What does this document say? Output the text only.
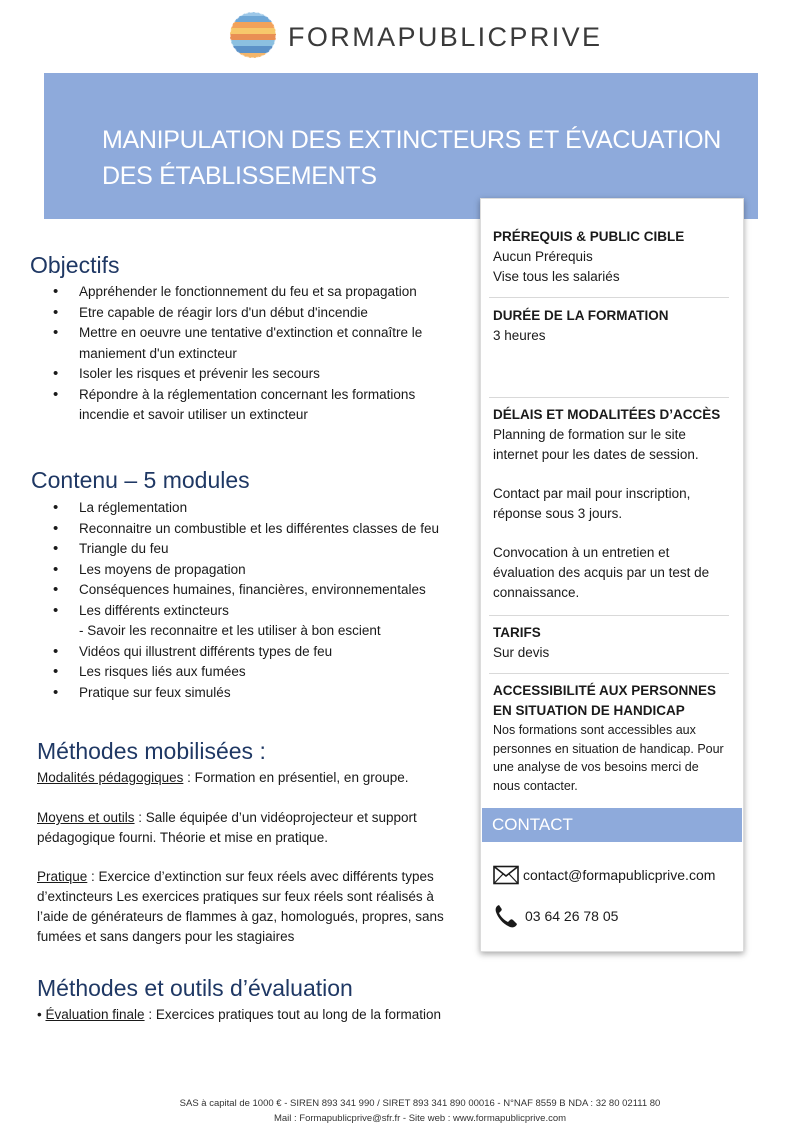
FORMAPUBLICPRIVE
MANIPULATION DES EXTINCTEURS ET ÉVACUATION
DES ÉTABLISSEMENTS
PRÉREQUIS & PUBLIC CIBLE
Aucun Prérequis
Vise tous les salariés
DURÉE DE LA FORMATION
3 heures
DÉLAIS ET MODALITÉES D’ACCÈS
Planning de formation sur le site internet pour les dates de session.
Contact par mail pour inscription, réponse sous 3 jours.
Convocation à un entretien et évaluation des acquis par un test de connaissance.
TARIFS
Sur devis
ACCESSIBILITÉ AUX PERSONNES EN SITUATION DE HANDICAP
Nos formations sont accessibles aux personnes en situation de handicap. Pour une analyse de vos besoins merci de nous contacter.
CONTACT
contact@formapublicprive.com
03 64 26 78 05
Objectifs
• Appréhender le fonctionnement du feu et sa propagation
• Etre capable de réagir lors d'un début d'incendie
• Mettre en oeuvre une tentative d'extinction et connaître le maniement d'un extincteur
• Isoler les risques et prévenir les secours
• Répondre à la réglementation concernant les formations incendie et savoir utiliser un extincteur
Contenu – 5 modules
• La réglementation
• Reconnaitre un combustible et les différentes classes de feu
• Triangle du feu
• Les moyens de propagation
• Conséquences humaines, financières, environnementales
• Les différents extincteurs
- Savoir les reconnaitre et les utiliser à bon escient
• Vidéos qui illustrent différents types de feu
• Les risques liés aux fumées
• Pratique sur feux simulés
Méthodes mobilisées :
Modalités pédagogiques : Formation en présentiel, en groupe.
Moyens et outils : Salle équipée d’un vidéoprojecteur et support pédagogique fourni. Théorie et mise en pratique.
Pratique : Exercice d’extinction sur feux réels avec différents types d’extincteurs Les exercices pratiques sur feux réels sont réalisés à l’aide de générateurs de flammes à gaz, homologués, propres, sans fumées et sans dangers pour les stagiaires
Méthodes et outils d’évaluation
• Évaluation finale : Exercices pratiques tout au long de la formation
SAS à capital de 1000 € - SIREN 893 341 990 / SIRET 893 341 890 00016 - N°NAF 8559 B NDA : 32 80 02111 80
Mail : Formapublicprive@sfr.fr - Site web : www.formapublicprive.com
